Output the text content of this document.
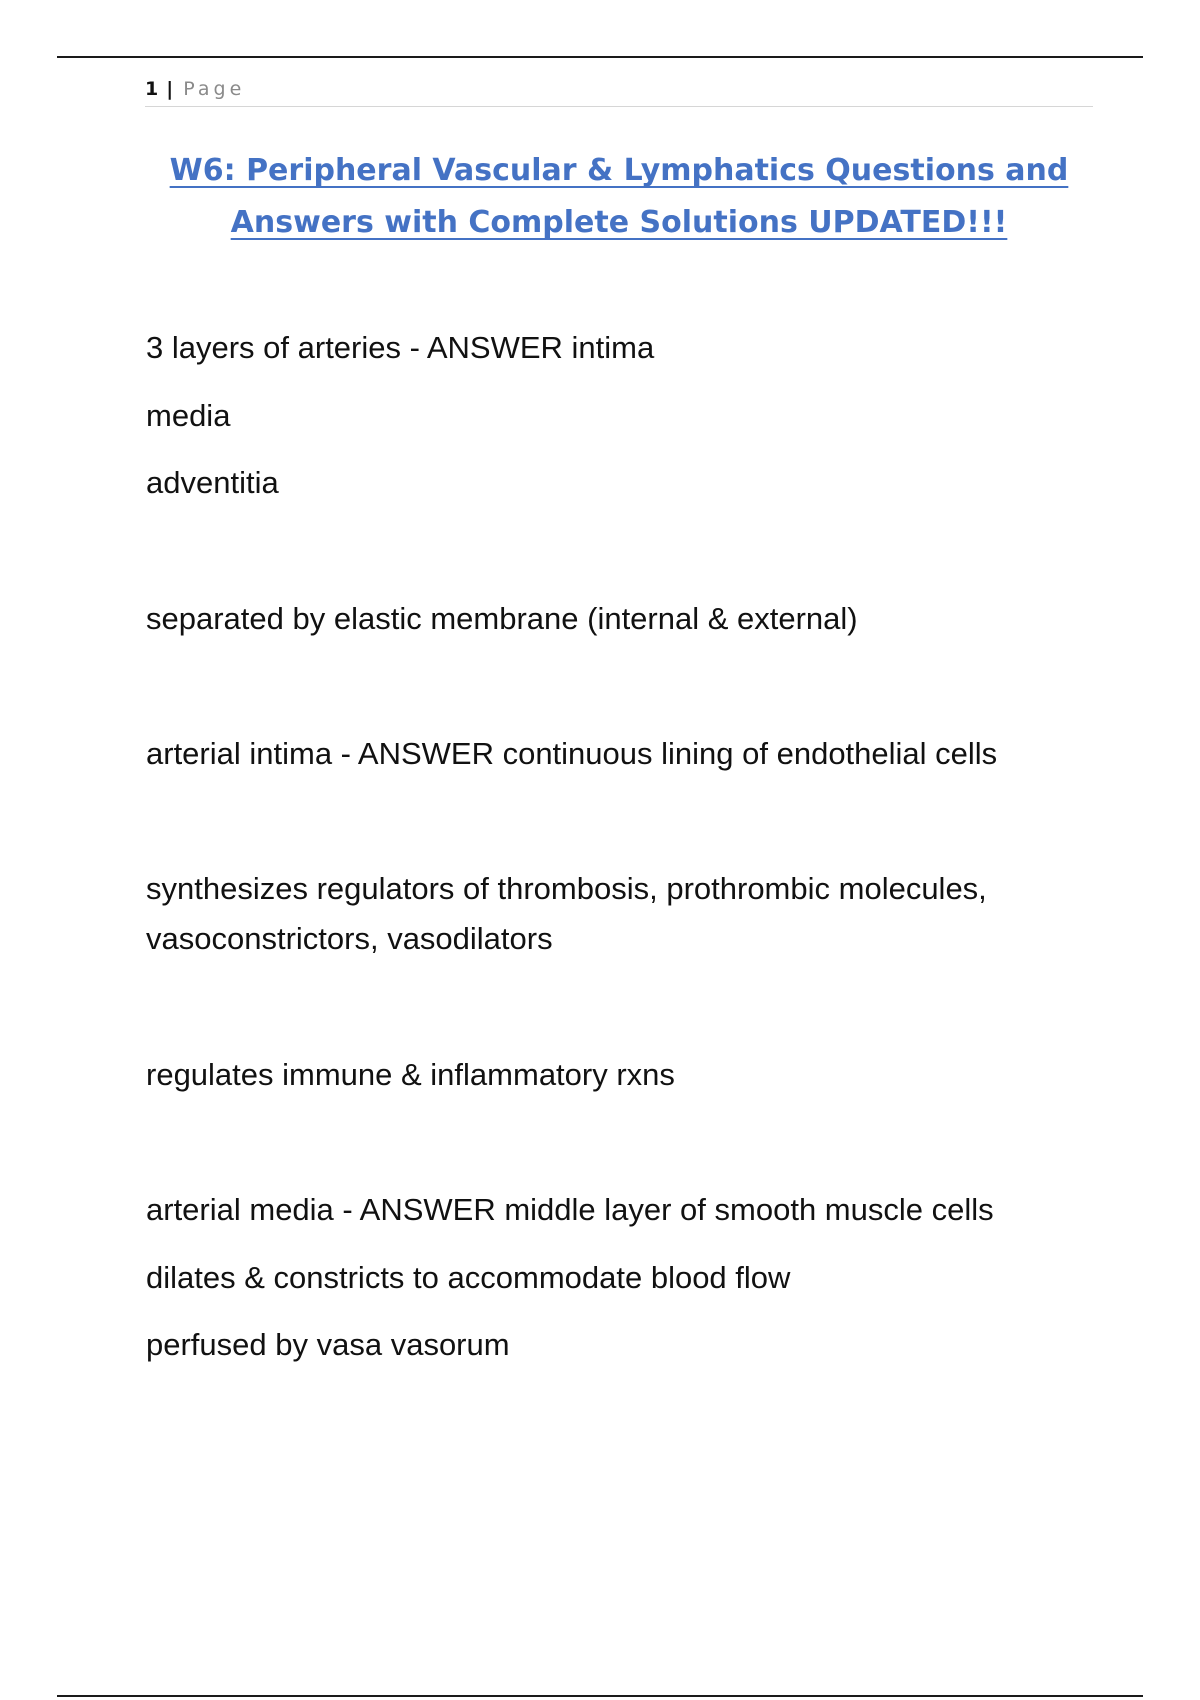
1 | Page
W6: Peripheral Vascular & Lymphatics Questions and
Answers with Complete Solutions UPDATED!!!
3 layers of arteries - ANSWER intima
media
adventitia
separated by elastic membrane (internal & external)
arterial intima - ANSWER continuous lining of endothelial cells
synthesizes regulators of thrombosis, prothrombic molecules,
vasoconstrictors, vasodilators
regulates immune & inflammatory rxns
arterial media - ANSWER middle layer of smooth muscle cells
dilates & constricts to accommodate blood flow
perfused by vasa vasorum
